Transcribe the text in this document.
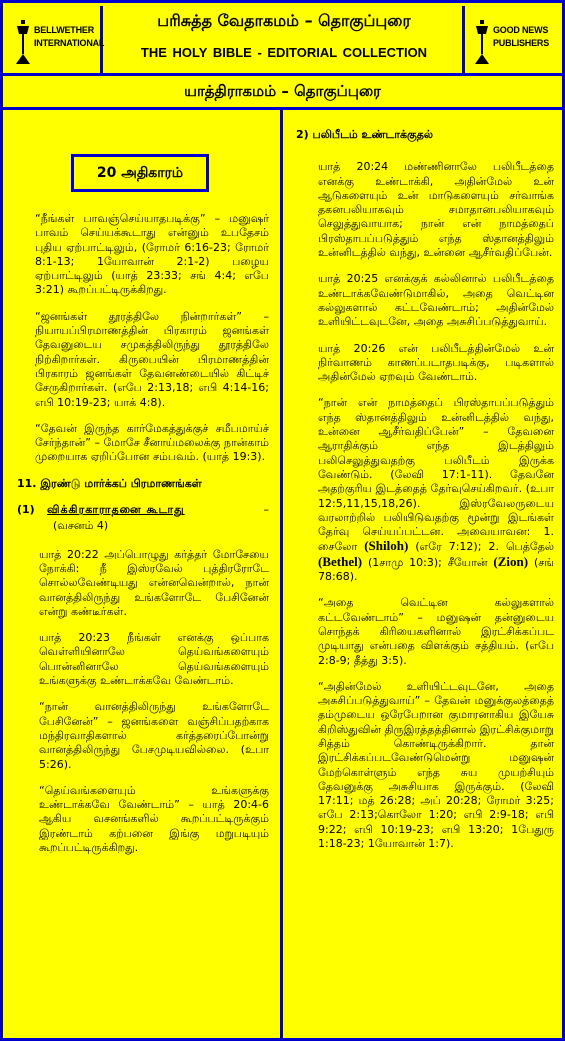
BELLWETHER
INTERNATIONAL
பரிசுத்த வேதாகமம் – தொகுப்புரை
THE HOLY BIBLE - EDITORIAL COLLECTION
GOOD NEWS
PUBLISHERS
யாத்திராகமம் – தொகுப்புரை
20 அதிகாரம்

“நீங்கள் பாவஞ்செய்யாதபடிக்கு” – மனுஷர் பாவம் செய்யக்கூடாது என்னும் உபதேசம் புதிய ஏற்பாட்டிலும், (ரோமர் 6:16-23; ரோமர் 8:1-13; 1யோவான் 2:1-2) பழைய ஏற்பாட்டிலும் (யாத் 23:33; சங் 4:4; எபே 3:21) கூறப்பட்டிருக்கிறது.

“ஜனங்கள் தூரத்திலே நின்றார்கள்” – நியாயப்பிரமாணத்தின் பிரகாரம் ஜனங்கள் தேவனுடைய சமுகத்திலிருந்து தூரத்திலே நிற்கிறார்கள். கிருபையின் பிரமாணத்தின் பிரகாரம் ஜனங்கள் தேவனண்டையில் கிட்டிச் சேருகிறார்கள். (எபே 2:13,18; எபி 4:14-16; எபி 10:19-23; யாக் 4:8).

“தேவன் இருந்த கார்மேகத்துக்குச் சமீபமாய்ச் சேர்ந்தான்” – மோசே சீனாய்மலைக்கு நான்காம் முறையாக ஏறிப்போன சம்பவம். (யாத் 19:3).

11. இரண்டு மார்க்கப் பிரமாணங்கள்

(1)	விக்கிரகாராதனை கூடாது	–
(வசனம் 4)

யாத் 20:22 அப்பொழுது கர்த்தர் மோசேயை நோக்கி: நீ இஸ்ரவேல் புத்திரரோடே சொல்லவேண்டியது என்னவென்றால், நான் வானத்திலிருந்து உங்களோடே பேசினேன் என்று கண்டீர்கள்.

யாத் 20:23 நீங்கள் எனக்கு ஒப்பாக வெள்ளியினாலே தெய்வங்களையும் பொன்னினாலே தெய்வங்களையும் உங்களுக்கு உண்டாக்கவே வேண்டாம்.

“நான் வானத்திலிருந்து உங்களோடே பேசினேன்” – ஜனங்களை வஞ்சிப்பதற்காக மந்திரவாதிகளால் கர்த்தரைப்போன்று வானத்திலிருந்து பேசமுடியவில்லை. (உபா 5:26).

“தெய்வங்களையும் உங்களுக்கு உண்டாக்கவே வேண்டாம்” – யாத் 20:4-6 ஆகிய வசனங்களில் கூறப்பட்டிருக்கும் இரண்டாம் கற்பனை இங்கு மறுபடியும் கூறப்பட்டிருக்கிறது.

2) பலிபீடம் உண்டாக்குதல்

யாத் 20:24 மண்ணினாலே பலிபீடத்தை எனக்கு உண்டாக்கி, அதின்மேல் உன் ஆடுகளையும் உன் மாடுகளையும் சர்வாங்க தகனபலியாகவும் சமாதானபலியாகவும் செலுத்துவாயாக; நான் என் நாமத்தைப் பிரஸ்தாபப்படுத்தும் எந்த ஸ்தானத்திலும் உன்னிடத்தில் வந்து, உன்னை ஆசீர்வதிப்பேன்.

யாத் 20:25 எனக்குக் கல்லினால் பலிபீடத்தை உண்டாக்கவேண்டுமாகில், அதை வெட்டின கல்லுகளால் கட்டவேண்டாம்; அதின்மேல் உளியிட்டவுடனே, அதை அசுசிப்படுத்துவாய்.

யாத் 20:26 என் பலிபீடத்தின்மேல் உன் நிர்வாணம் காணப்படாதபடிக்கு, படிகளால் அதின்மேல் ஏறவும் வேண்டாம்.

“நான் என் நாமத்தைப் பிரஸ்தாபப்படுத்தும் எந்த ஸ்தானத்திலும் உன்னிடத்தில் வந்து, உன்னை ஆசீர்வதிப்பேன்” – தேவனை ஆராதிக்கும் எந்த இடத்திலும் பலிசெலுத்துவதற்கு பலிபீடம் இருக்க வேண்டும். (லேவி 17:1-11). தேவனே அதற்குரிய இடத்தைத் தேர்வுசெய்கிறவர். (உபா 12:5,11,15,18,26). இஸ்ரவேலருடைய வரலாற்றில் பலியிடுவதற்கு மூன்று இடங்கள் தேர்வு செய்யப்பட்டன. அவையாவன: 1. சைலோ (Shiloh) (எரே 7:12); 2. பெத்தேல் (Bethel) (1சாமு 10:3); சீயோன் (Zion) (சங் 78:68).

“அதை வெட்டின கல்லுகளால் கட்டவேண்டாம்” – மனுஷன் தன்னுடைய சொந்தக் கிரியைகளினால் இரட்சிக்கப்பட முடியாது என்பதை விளக்கும் சத்தியம். (எபே 2:8-9; தீத்து 3:5).

“அதின்மேல் உளியிட்டவுடனே, அதை அசுசிப்படுத்துவாய்” – தேவன் மனுக்குலத்தைத் தம்முடைய ஒரேபேறான குமாரனாகிய இயேசு கிறிஸ்துவின் திருஇரத்தத்தினால் இரட்சிக்குமாறு சித்தம் கொண்டிருக்கிறார். தான் இரட்சிக்கப்படவேண்டுமென்று மனுஷன் மேற்கொள்ளும் எந்த சுய முயற்சியும் தேவனுக்கு அசுசியாக இருக்கும். (லேவி 17:11; மத் 26:28; அப் 20:28; ரோமர் 3:25; எபே 2:13;கொலோ 1:20; எபி 2:9-18; எபி 9:22; எபி 10:19-23; எபி 13:20; 1பேதுரு 1:18-23; 1யோவான் 1:7).
